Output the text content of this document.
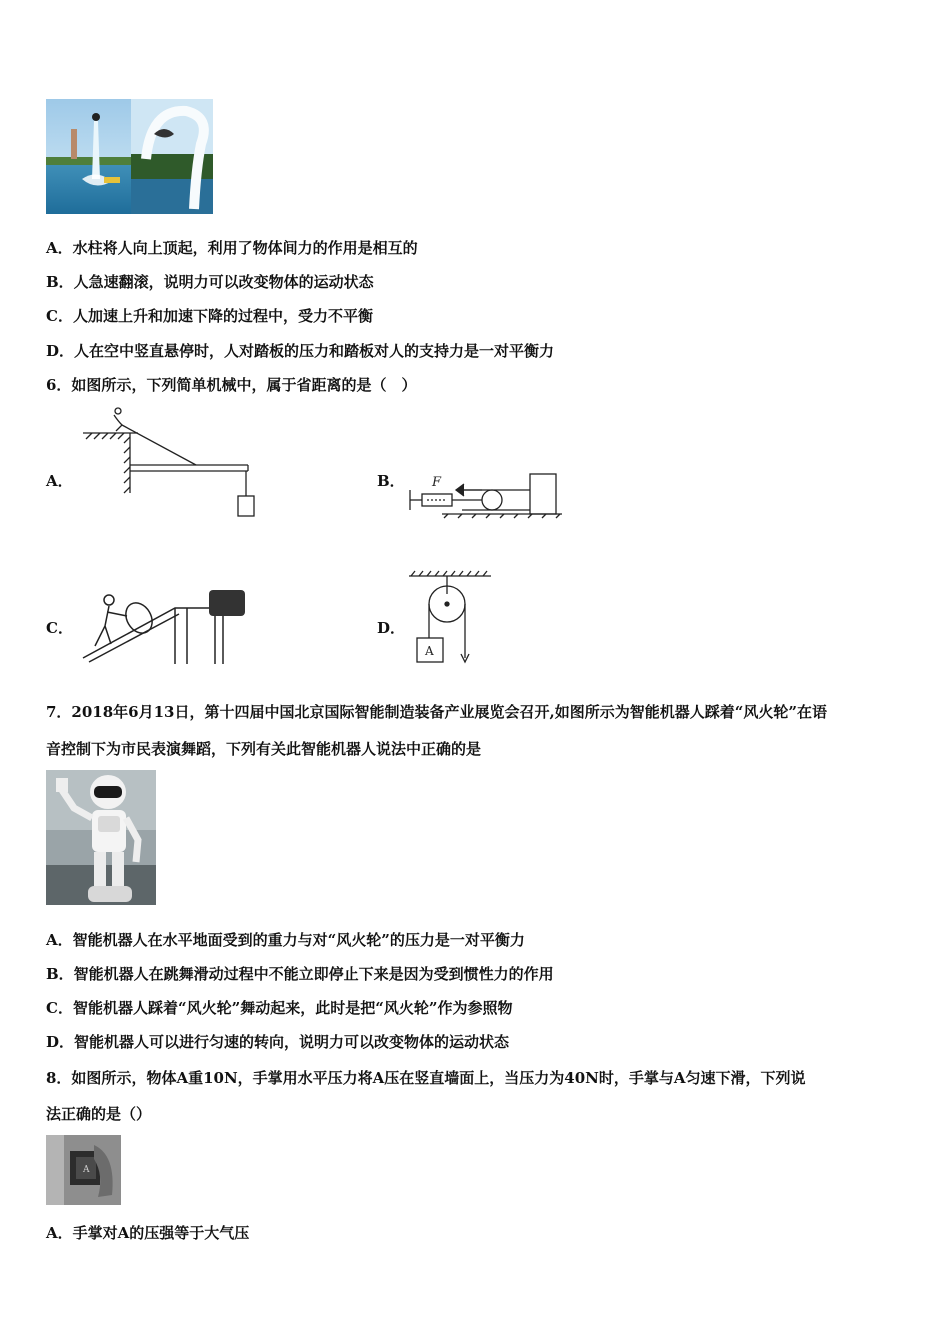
A．水柱将人向上顶起，利用了物体间力的作用是相互的
B．人急速翻滚，说明力可以改变物体的运动状态
C．人加速上升和加速下降的过程中，受力不平衡
D．人在空中竖直悬停时，人对踏板的压力和踏板对人的支持力是一对平衡力
6．如图所示，下列简单机械中，属于省距离的是（　）
A．	B． F
C．	D．
A
7．2018年6月13日，第十四届中国北京国际智能制造装备产业展览会召开,如图所示为智能机器人踩着“风火轮”在语
音控制下为市民表演舞蹈，下列有关此智能机器人说法中正确的是
A．智能机器人在水平地面受到的重力与对“风火轮”的压力是一对平衡力
B．智能机器人在跳舞滑动过程中不能立即停止下来是因为受到惯性力的作用
C．智能机器人踩着“风火轮”舞动起来，此时是把“风火轮”作为参照物
D．智能机器人可以进行匀速的转向，说明力可以改变物体的运动状态
8．如图所示，物体A重10N，手掌用水平压力将A压在竖直墙面上，当压力为40N时，手掌与A匀速下滑，下列说
法正确的是（）
A
A．手掌对A的压强等于大气压
